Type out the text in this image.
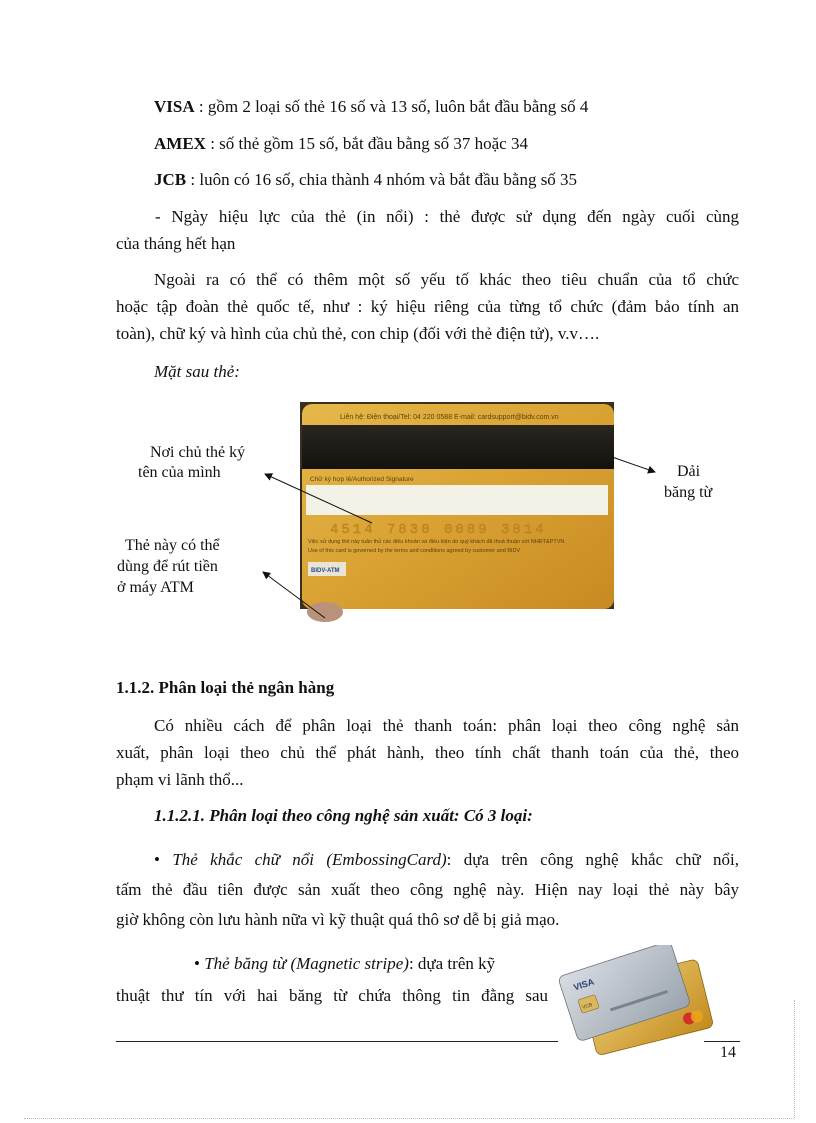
VISA : gồm 2 loại số thẻ 16 số và 13 số, luôn bắt đầu bằng số 4
AMEX : số thẻ gồm 15 số, bắt đầu bằng số 37 hoặc 34
JCB : luôn có 16 số, chia thành 4 nhóm và bắt đầu bằng số 35
- Ngày hiệu lực của thẻ (in nổi) : thẻ được sử dụng đến ngày cuối cùng
của tháng hết hạn
Ngoài ra có thể có thêm một số yếu tố khác theo tiêu chuẩn của tổ chức
hoặc tập đoàn thẻ quốc tế, như : ký hiệu riêng của từng tổ chức (đảm bảo tính an
toàn), chữ ký và hình của chủ thẻ, con chip (đối với thẻ điện tử), v.v….
Mặt sau thẻ:
Liên hệ: Điện thoại/Tel: 04 220 0588 E-mail: cardsupport@bidv.com.vn
Chữ ký hợp lệ/Authorized Signature
4514 7830 0089 3814
Việc sử dụng thẻ này tuân thủ các điều khoản và điều kiện do quý khách đã thoả thuận với NHĐT&PTVN
Use of this card is governed by the terms and conditions agreed by customer and BIDV
BIDV-ATM
Nơi chủ thẻ ký
tên của mình	Dải
băng từ
Thẻ này có thể
dùng để rút tiền
ở máy ATM
1.1.2. Phân loại thẻ ngân hàng
Có nhiều cách để phân loại thẻ thanh toán: phân loại theo công nghệ sản
xuất, phân loại theo chủ thể phát hành, theo tính chất thanh toán của thẻ, theo
phạm vi lãnh thổ...
1.1.2.1. Phân loại theo công nghệ sản xuất: Có 3 loại:
• Thẻ khắc chữ nổi (EmbossingCard): dựa trên công nghệ khắc chữ nổi,
tấm thẻ đầu tiên được sản xuất theo công nghệ này. Hiện nay loại thẻ này bây
giờ không còn lưu hành nữa vì kỹ thuật quá thô sơ dễ bị giả mạo.
• Thẻ băng từ (Magnetic stripe): dựa trên kỹ
thuật thư tín với hai băng từ chứa thông tin đằng sau
VISA
VCB
14
